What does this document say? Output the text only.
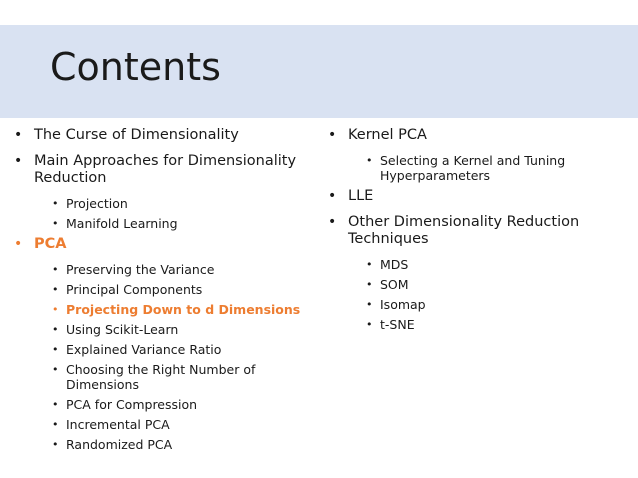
Contents
• The Curse of Dimensionality
• Main Approaches for Dimensionality Reduction
• Projection
• Manifold Learning
• PCA
• Preserving the Variance
• Principal Components
• Projecting Down to d Dimensions
• Using Scikit-Learn
• Explained Variance Ratio
• Choosing the Right Number of Dimensions
• PCA for Compression
• Incremental PCA
• Randomized PCA
• Kernel PCA
• Selecting a Kernel and Tuning Hyperparameters
• LLE
• Other Dimensionality Reduction Techniques
• MDS
• SOM
• Isomap
• t-SNE
